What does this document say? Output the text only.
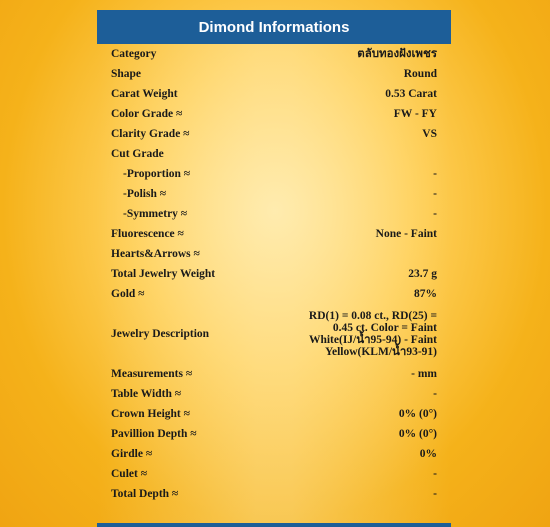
Dimond Informations
Category	ตลับทองฝังเพชร
Shape	Round
Carat Weight	0.53 Carat
Color Grade ≈	FW - FY
Clarity Grade ≈	VS
Cut Grade	
-Proportion ≈	-
-Polish ≈	-
-Symmetry ≈	-
Fluorescence ≈	None - Faint
Hearts&Arrows ≈	
Total Jewelry Weight	23.7 g
Gold ≈	87%
Jewelry Description	RD(1) = 0.08 ct., RD(25) =
0.45 ct. Color = Faint
White(IJ/น้ำ95-94) - Faint
Yellow(KLM/น้ำ93-91)
Measurements ≈	- mm
Table Width ≈	-
Crown Height ≈	0% (0°)
Pavillion Depth ≈	0% (0°)
Girdle ≈	0%
Culet ≈	-
Total Depth ≈	-
